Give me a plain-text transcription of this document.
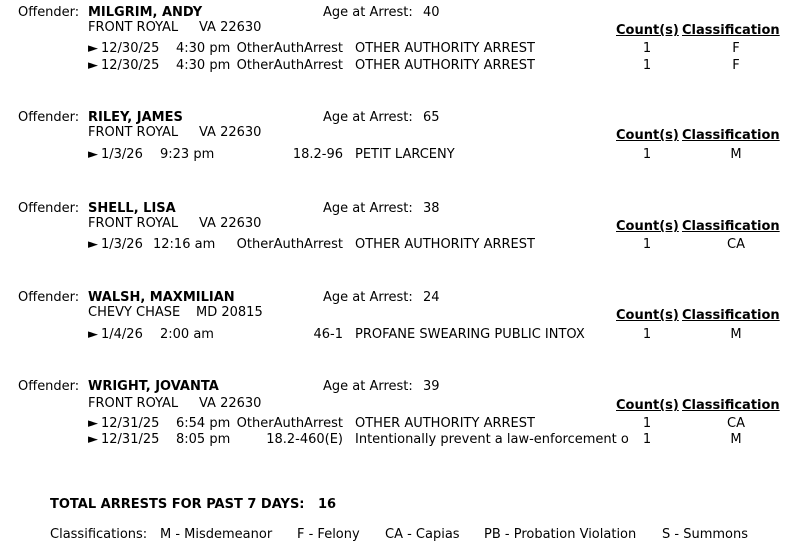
Offender: MILGRIM, ANDY	Age at Arrest: 40
FRONT ROYAL VA 22630	Count(s) Classification
► 12/30/25 4:30 pm OtherAuthArrest OTHER AUTHORITY ARREST	1	F
► 12/30/25 4:30 pm OtherAuthArrest OTHER AUTHORITY ARREST	1	F
Offender: RILEY, JAMES	Age at Arrest: 65
FRONT ROYAL VA 22630	Count(s) Classification
► 1/3/26 9:23 pm	18.2-96 PETIT LARCENY	1	M
Offender: SHELL, LISA	Age at Arrest: 38
FRONT ROYAL VA 22630	Count(s) Classification
► 1/3/26 12:16 am	OtherAuthArrest OTHER AUTHORITY ARREST	1	CA
Offender: WALSH, MAXMILIAN	Age at Arrest: 24
CHEVY CHASE MD 20815	Count(s) Classification
► 1/4/26 2:00 am	46-1 PROFANE SWEARING PUBLIC INTOX	1	M
Offender: WRIGHT, JOVANTA	Age at Arrest: 39
FRONT ROYAL VA 22630	Count(s) Classification
► 12/31/25 6:54 pm OtherAuthArrest OTHER AUTHORITY ARREST	1	CA
► 12/31/25 8:05 pm	18.2-460(E) Intentionally prevent a law-enforcement o	1	M
TOTAL ARRESTS FOR PAST 7 DAYS: 16
Classifications: M - Misdemeanor F - Felony CA - Capias PB - Probation Violation S - Summons
